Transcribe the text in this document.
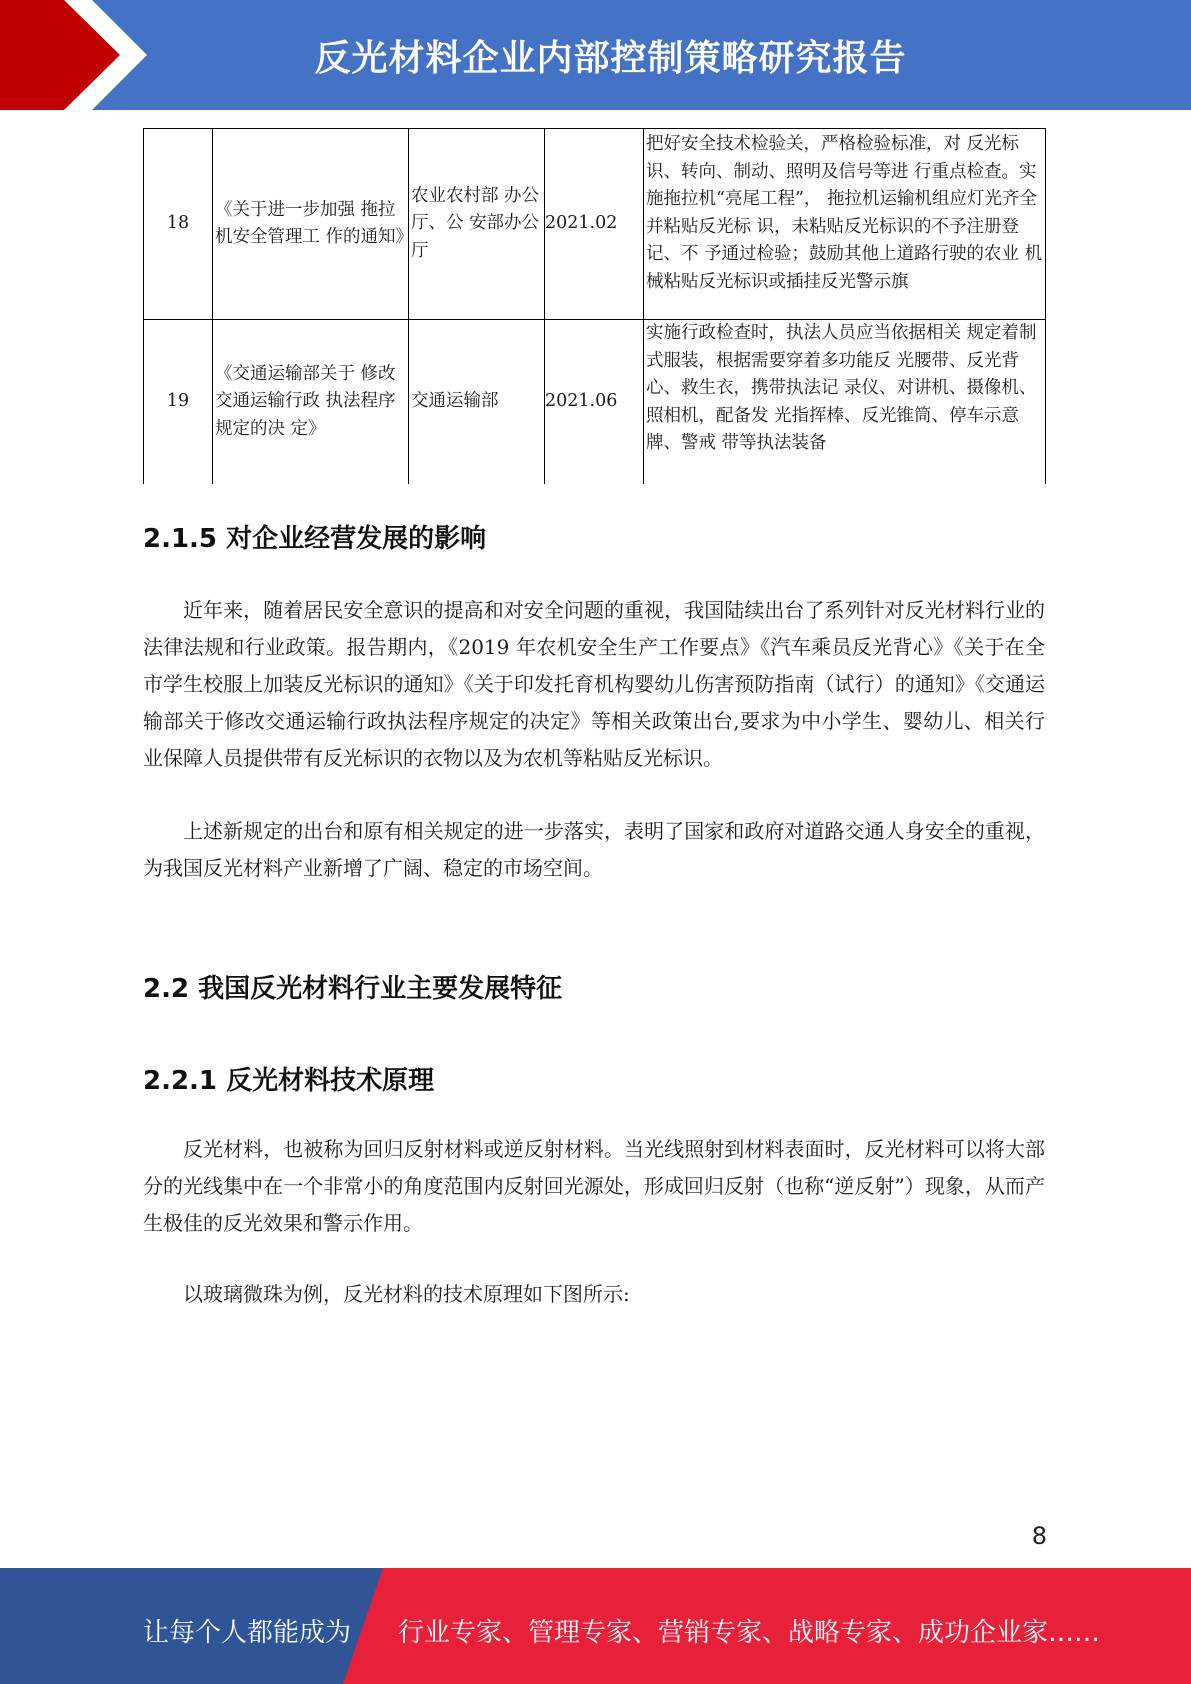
反光材料企业内部控制策略研究报告
18	《关于进一步加强 拖拉机安全管理工 作的通知》	农业农村部 办公厅、公 安部办公厅	2021.02	把好安全技术检验关，严格检验标准，对 反光标识、转向、制动、照明及信号等进 行重点检查。实施拖拉机“亮尾工程”， 拖拉机运输机组应灯光齐全并粘贴反光标 识，未粘贴反光标识的不予注册登记、不 予通过检验；鼓励其他上道路行驶的农业 机械粘贴反光标识或插挂反光警示旗
19	《交通运输部关于 修改交通运输行政 执法程序规定的决 定》	交通运输部	2021.06	实施行政检查时，执法人员应当依据相关 规定着制式服装，根据需要穿着多功能反 光腰带、反光背心、救生衣，携带执法记 录仪、对讲机、摄像机、照相机，配备发 光指挥棒、反光锥筒、停车示意牌、警戒 带等执法装备
2.1.5 对企业经营发展的影响

近年来，随着居民安全意识的提高和对安全问题的重视，我国陆续出台了系列针对反光材料行业的法律法规和行业政策。报告期内，《2019 年农机安全生产工作要点》《汽车乘员反光背心》《关于在全市学生校服上加装反光标识的通知》《关于印发托育机构婴幼儿伤害预防指南（试行）的通知》《交通运输部关于修改交通运输行政执法程序规定的决定》等相关政策出台,要求为中小学生、婴幼儿、相关行业保障人员提供带有反光标识的衣物以及为农机等粘贴反光标识。

上述新规定的出台和原有相关规定的进一步落实，表明了国家和政府对道路交通人身安全的重视，为我国反光材料产业新增了广阔、稳定的市场空间。

2.2 我国反光材料行业主要发展特征
2.2.1 反光材料技术原理

反光材料，也被称为回归反射材料或逆反射材料。当光线照射到材料表面时，反光材料可以将大部分的光线集中在一个非常小的角度范围内反射回光源处，形成回归反射（也称“逆反射”）现象，从而产生极佳的反光效果和警示作用。

以玻璃微珠为例，反光材料的技术原理如下图所示:

8
让每个人都能成为 行业专家、管理专家、营销专家、战略专家、成功企业家……
